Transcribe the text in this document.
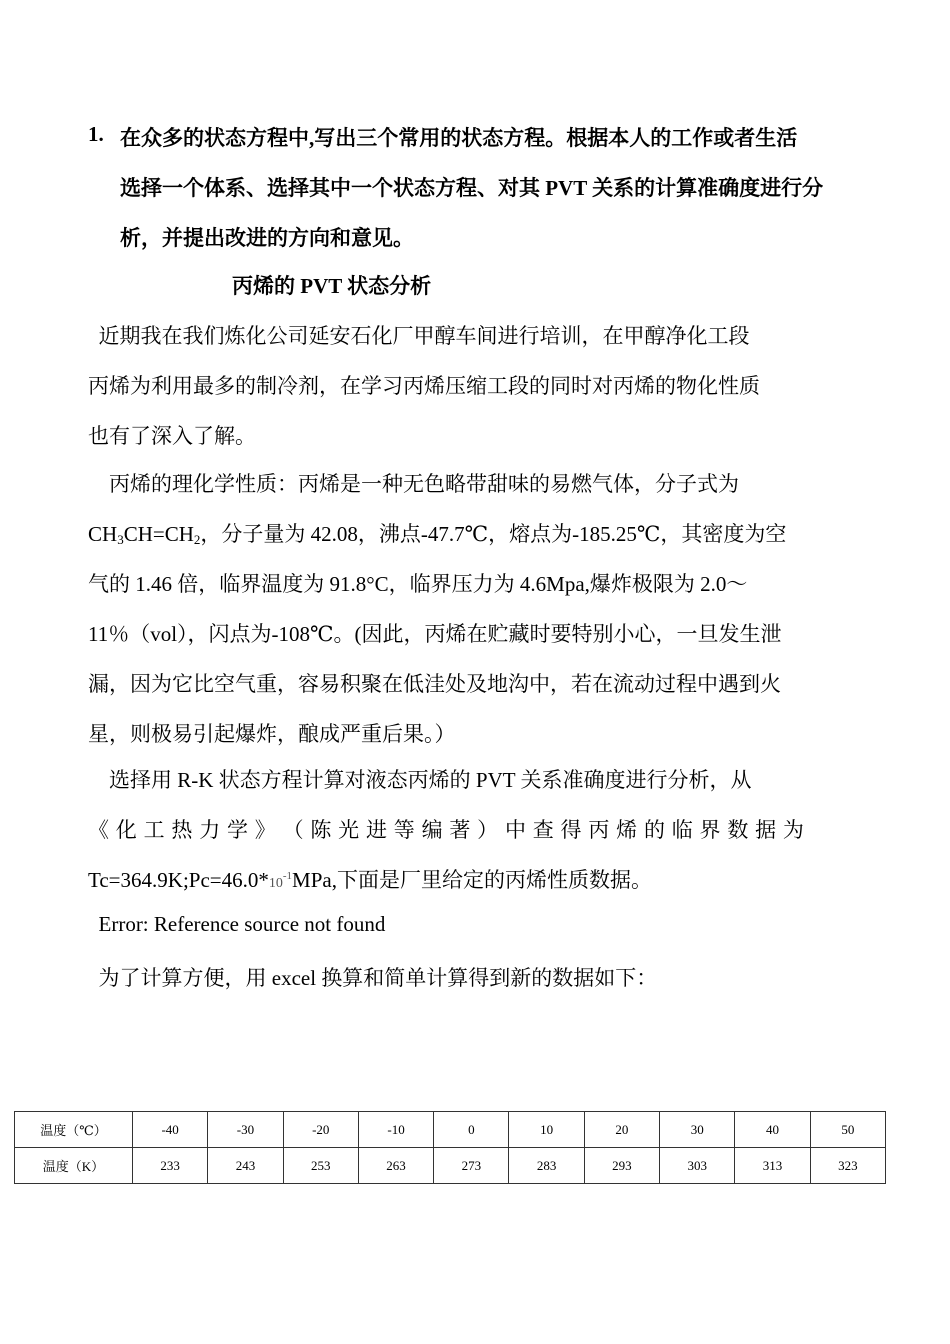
1. 在众多的状态方程中,写出三个常用的状态方程。根据本人的工作或者生活
选择一个体系、选择其中一个状态方程、对其 PVT 关系的计算准确度进行分
析，并提出改进的方向和意见。
丙烯的 PVT 状态分析
近期我在我们炼化公司延安石化厂甲醇车间进行培训，在甲醇净化工段
丙烯为利用最多的制冷剂，在学习丙烯压缩工段的同时对丙烯的物化性质
也有了深入了解。
丙烯的理化学性质：丙烯是一种无色略带甜味的易燃气体，分子式为
$CH_3CH=CH_2$，分子量为 42.08，沸点-47.7℃，熔点为-185.25℃，其密度为空
气的 1.46 倍，临界温度为 91.8°C，临界压力为 4.6Mpa,爆炸极限为 2.0～
11％（vol），闪点为-108℃。(因此，丙烯在贮藏时要特别小心，一旦发生泄
漏，因为它比空气重，容易积聚在低洼处及地沟中，若在流动过程中遇到火
星，则极易引起爆炸，酿成严重后果。）
选择用 R-K 状态方程计算对液态丙烯的 PVT 关系准确度进行分析，从
《 化 工 热 力 学 》 （ 陈 光 进 等 编 著 ） 中 查 得 丙 烯 的 临 界 数 据 为
$Tc=364.9K;Pc=46.0*10^{-1}MPa$,下面是厂里给定的丙烯性质数据。
Error: Reference source not found
为了计算方便，用 excel 换算和简单计算得到新的数据如下：
温度（℃）	-40	-30	-20	-10	0	10	20	30	40	50
温度（K）	233	243	253	263	273	283	293	303	313	323
